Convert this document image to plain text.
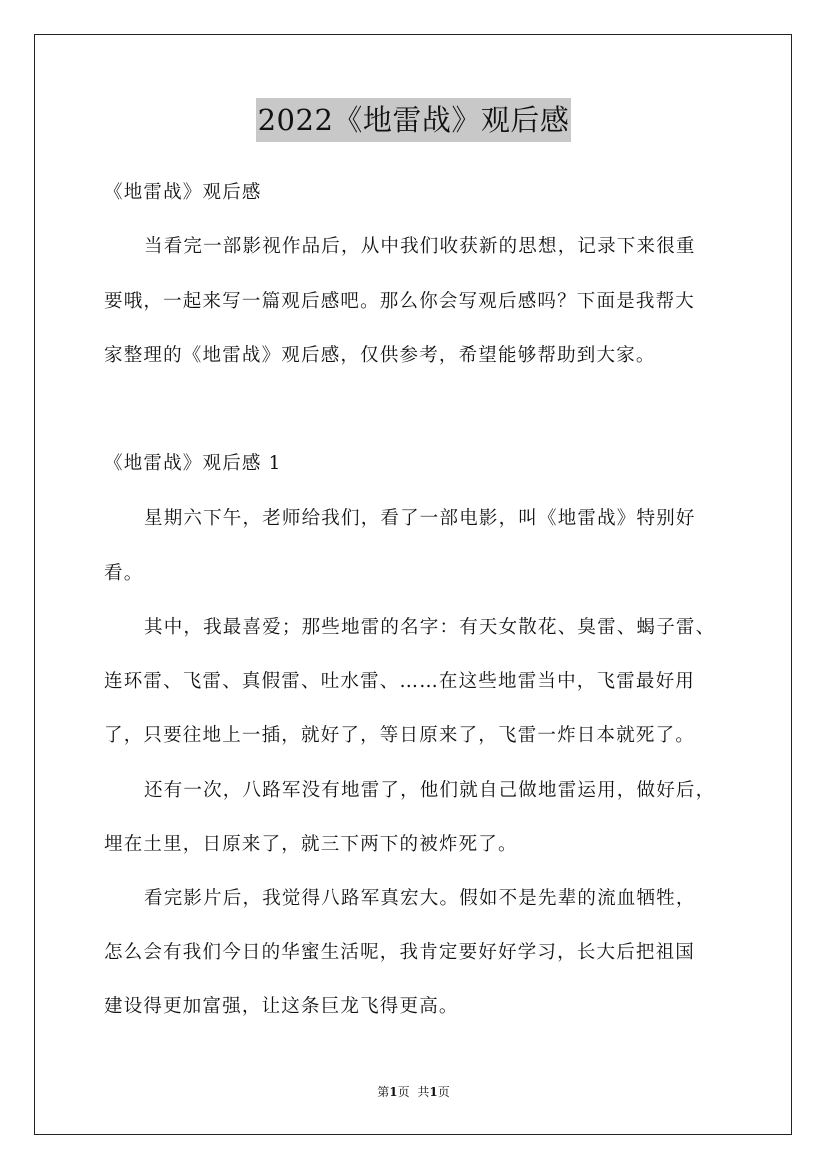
2022《地雷战》观后感
《地雷战》观后感
当看完一部影视作品后，从中我们收获新的思想，记录下来很重
要哦，一起来写一篇观后感吧。那么你会写观后感吗？下面是我帮大
家整理的《地雷战》观后感，仅供参考，希望能够帮助到大家。
《地雷战》观后感 1
星期六下午，老师给我们，看了一部电影，叫《地雷战》特别好
看。
其中，我最喜爱；那些地雷的名字：有天女散花、臭雷、蝎子雷、
连环雷、飞雷、真假雷、吐水雷、……在这些地雷当中，飞雷最好用
了，只要往地上一插，就好了，等日原来了，飞雷一炸日本就死了。
还有一次，八路军没有地雷了，他们就自己做地雷运用，做好后，
埋在土里，日原来了，就三下两下的被炸死了。
看完影片后，我觉得八路军真宏大。假如不是先辈的流血牺牲，
怎么会有我们今日的华蜜生活呢，我肯定要好好学习，长大后把祖国
建设得更加富强，让这条巨龙飞得更高。
第1页 共1页
